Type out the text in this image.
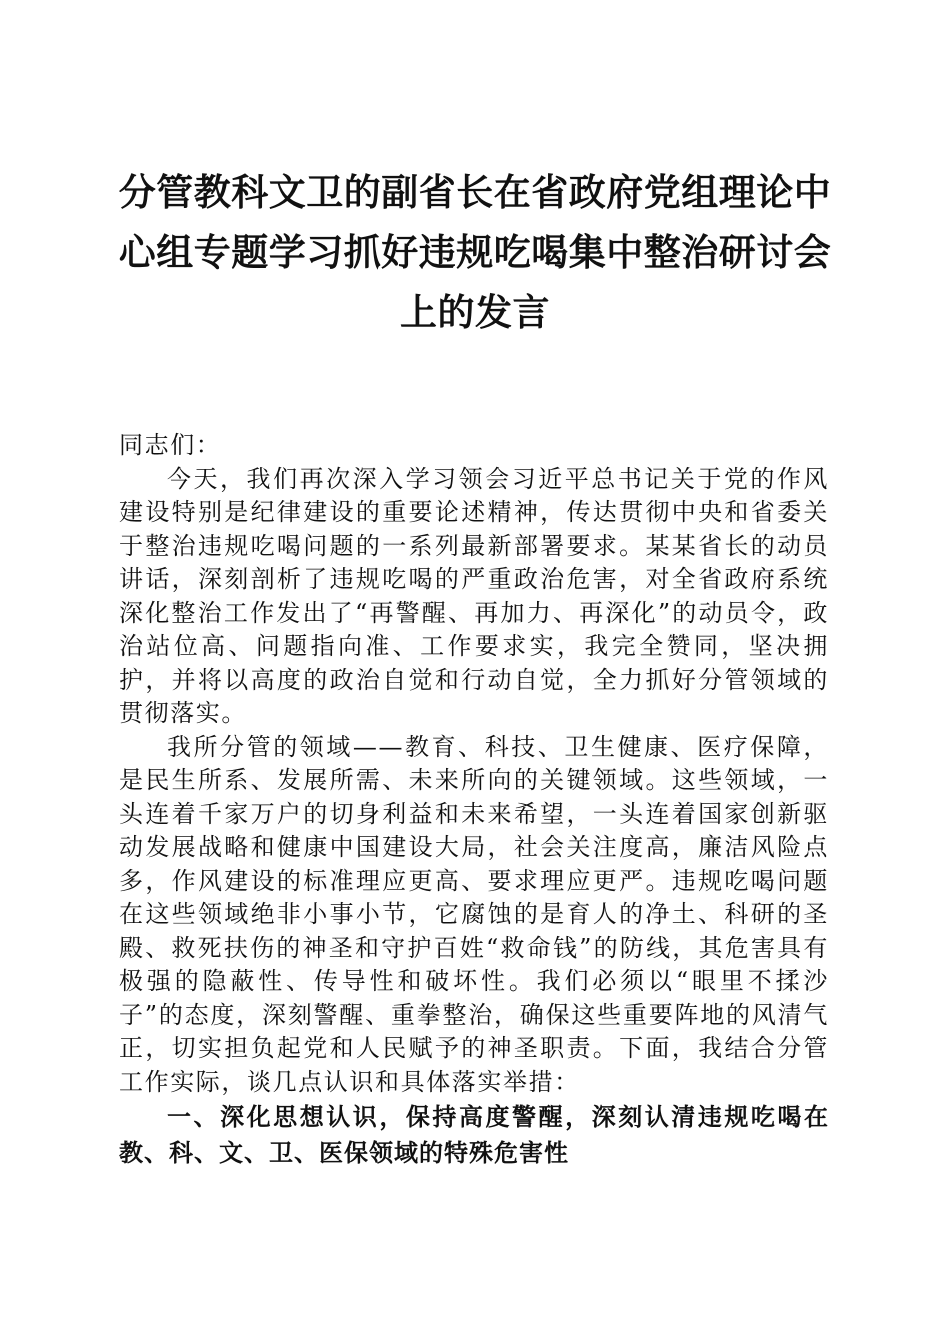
分管教科文卫的副省长在省政府党组理论中心组专题学习抓好违规吃喝集中整治研讨会上的发言

同志们：

今天，我们再次深入学习领会习近平总书记关于党的作风建设特别是纪律建设的重要论述精神，传达贯彻中央和省委关于整治违规吃喝问题的一系列最新部署要求。某某省长的动员讲话，深刻剖析了违规吃喝的严重政治危害，对全省政府系统深化整治工作发出了“再警醒、再加力、再深化”的动员令，政治站位高、问题指向准、工作要求实，我完全赞同，坚决拥护，并将以高度的政治自觉和行动自觉，全力抓好分管领域的贯彻落实。

我所分管的领域——教育、科技、卫生健康、医疗保障，是民生所系、发展所需、未来所向的关键领域。这些领域，一头连着千家万户的切身利益和未来希望，一头连着国家创新驱动发展战略和健康中国建设大局，社会关注度高，廉洁风险点多，作风建设的标准理应更高、要求理应更严。违规吃喝问题在这些领域绝非小事小节，它腐蚀的是育人的净土、科研的圣殿、救死扶伤的神圣和守护百姓“救命钱”的防线，其危害具有极强的隐蔽性、传导性和破坏性。我们必须以“眼里不揉沙子”的态度，深刻警醒、重拳整治，确保这些重要阵地的风清气正，切实担负起党和人民赋予的神圣职责。下面，我结合分管工作实际，谈几点认识和具体落实举措：

一、深化思想认识，保持高度警醒，深刻认清违规吃喝在教、科、文、卫、医保领域的特殊危害性
